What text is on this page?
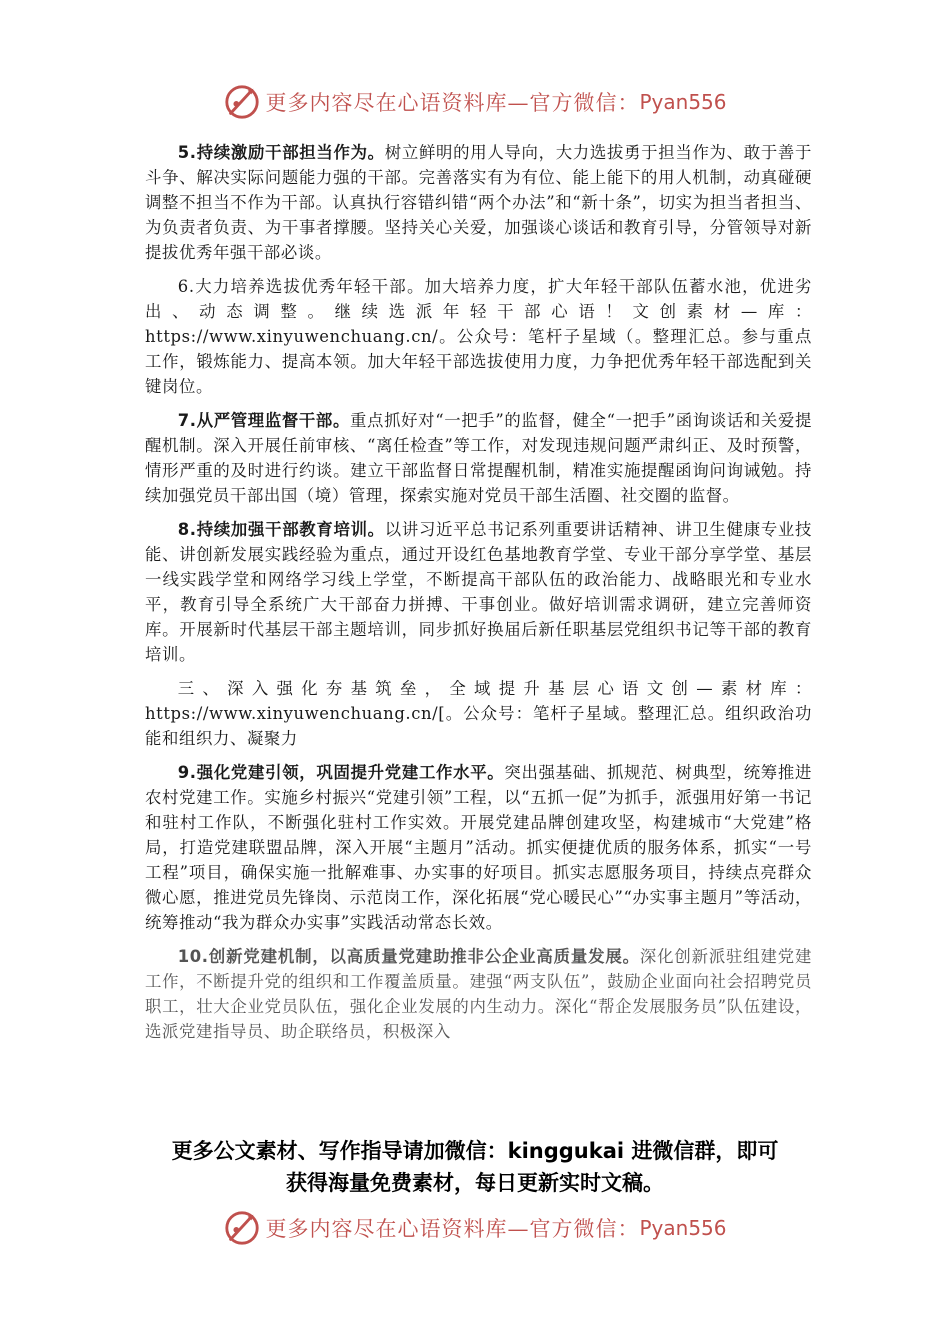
更多内容尽在心语资料库—官方微信： Pyan556

5.持续激励干部担当作为。树立鲜明的用人导向，大力选拔勇于担当作为、敢于善于斗争、解决实际问题能力强的干部。完善落实有为有位、能上能下的用人机制，动真碰硬调整不担当不作为干部。认真执行容错纠错“两个办法”和“新十条”，切实为担当者担当、为负责者负责、为干事者撑腰。坚持关心关爱，加强谈心谈话和教育引导，分管领导对新提拔优秀年强干部必谈。

6.大力培养选拔优秀年轻干部。加大培养力度，扩大年轻干部队伍蓄水池，优进劣出、动态调整。继续选派年轻干部心语！文创素材—库：https://www.xinyuwenchuang.cn/。公众号：笔杆子星域（。整理汇总。参与重点工作，锻炼能力、提高本领。加大年轻干部选拔使用力度，力争把优秀年轻干部选配到关键岗位。

7.从严管理监督干部。重点抓好对“一把手”的监督，健全“一把手”函询谈话和关爱提醒机制。深入开展任前审核、“离任检查”等工作，对发现违规问题严肃纠正、及时预警，情形严重的及时进行约谈。建立干部监督日常提醒机制，精准实施提醒函询问询诫勉。持续加强党员干部出国（境）管理，探索实施对党员干部生活圈、社交圈的监督。

8.持续加强干部教育培训。以讲习近平总书记系列重要讲话精神、讲卫生健康专业技能、讲创新发展实践经验为重点，通过开设红色基地教育学堂、专业干部分享学堂、基层一线实践学堂和网络学习线上学堂，不断提高干部队伍的政治能力、战略眼光和专业水平，教育引导全系统广大干部奋力拼搏、干事创业。做好培训需求调研，建立完善师资库。开展新时代基层干部主题培训，同步抓好换届后新任职基层党组织书记等干部的教育培训。

三、深入强化夯基筑垒，全域提升基层心语文创—素材库：https://www.xinyuwenchuang.cn/[。公众号：笔杆子星域。整理汇总。组织政治功能和组织力、凝聚力

9.强化党建引领，巩固提升党建工作水平。突出强基础、抓规范、树典型，统筹推进农村党建工作。实施乡村振兴“党建引领”工程，以“五抓一促”为抓手，派强用好第一书记和驻村工作队，不断强化驻村工作实效。开展党建品牌创建攻坚，构建城市“大党建”格局，打造党建联盟品牌，深入开展“主题月”活动。抓实便捷优质的服务体系，抓实“一号工程”项目，确保实施一批解难事、办实事的好项目。抓实志愿服务项目，持续点亮群众微心愿，推进党员先锋岗、示范岗工作，深化拓展“党心暖民心”“办实事主题月”等活动，统筹推动“我为群众办实事”实践活动常态长效。

10.创新党建机制，以高质量党建助推非公企业高质量发展。深化创新派驻组建党建工作，不断提升党的组织和工作覆盖质量。建强“两支队伍”，鼓励企业面向社会招聘党员职工，壮大企业党员队伍，强化企业发展的内生动力。深化“帮企发展服务员”队伍建设，选派党建指导员、助企联络员，积极深入

更多公文素材、写作指导请加微信：kinggukai 进微信群，即可
获得海量免费素材，每日更新实时文稿。
更多内容尽在心语资料库—官方微信： Pyan556
